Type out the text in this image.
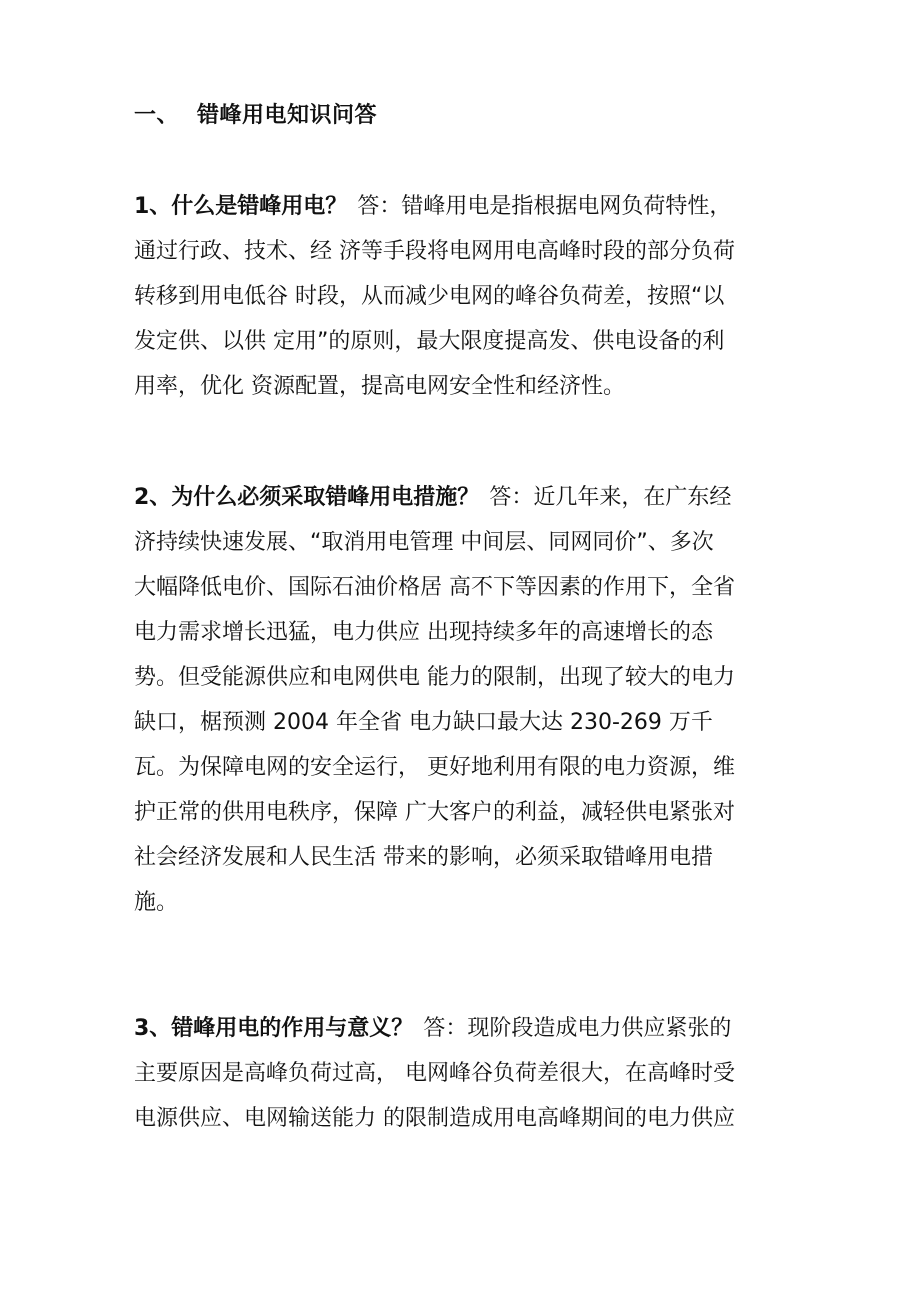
一、 错峰用电知识问答
1、什么是错峰用电？ 答：错峰用电是指根据电网负荷特性，
通过行政、技术、经 济等手段将电网用电高峰时段的部分负荷
转移到用电低谷 时段，从而减少电网的峰谷负荷差，按照“以
发定供、以供 定用”的原则，最大限度提高发、供电设备的利
用率，优化 资源配置，提高电网安全性和经济性。
2、为什么必须采取错峰用电措施？ 答：近几年来，在广东经
济持续快速发展、“取消用电管理 中间层、同网同价”、多次
大幅降低电价、国际石油价格居 高不下等因素的作用下，全省
电力需求增长迅猛，电力供应 出现持续多年的高速增长的态
势。但受能源供应和电网供电 能力的限制，出现了较大的电力
缺口，椐预测 2004 年全省 电力缺口最大达 230-269 万千
瓦。为保障电网的安全运行， 更好地利用有限的电力资源，维
护正常的供用电秩序，保障 广大客户的利益，减轻供电紧张对
社会经济发展和人民生活 带来的影响，必须采取错峰用电措
施。
3、错峰用电的作用与意义？ 答：现阶段造成电力供应紧张的
主要原因是高峰负荷过高， 电网峰谷负荷差很大，在高峰时受
电源供应、电网输送能力 的限制造成用电高峰期间的电力供应
